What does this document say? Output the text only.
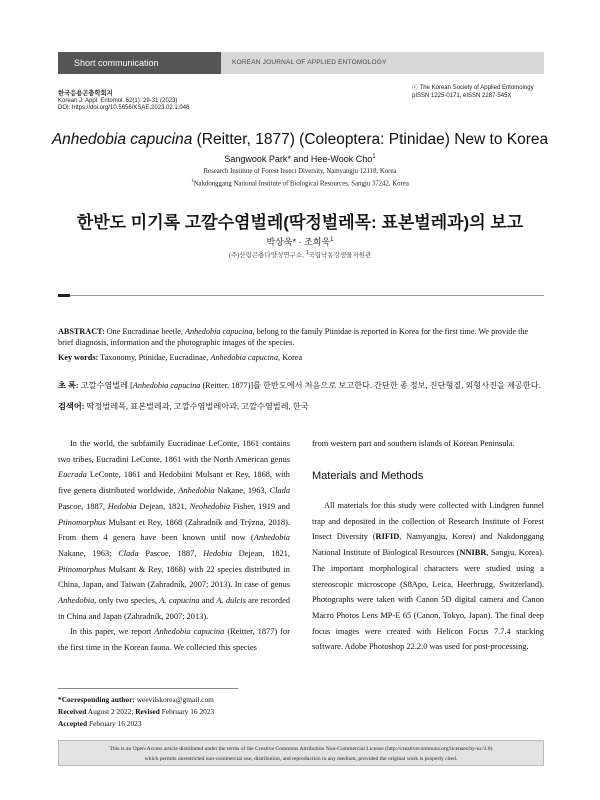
Short communication	KOREAN JOURNAL OF APPLIED ENTOMOLOGY
한국응용곤충학회지
Korean J. Appl. Entomol. 62(1): 29-31 (2023)
DOI: https://doi.org/10.5656/KSAE.2023.02.1.046
ⓒ The Korean Society of Applied Entomology
pISSN 1225-0171, eISSN 2287-545X
Anhedobia capucina (Reitter, 1877) (Coleoptera: Ptinidae) New to Korea
Sangwook Park* and Hee-Wook Cho$^1$
Research Institute of Forest Insect Diversity, Namyangju 12118, Korea
$^1$Nakdonggang National Institute of Biological Resources, Sangju 37242, Korea
한반도 미기록 고깔수염벌레(딱정벌레목: 표본벌레과)의 보고
박상욱* · 조희욱$^1$
(주)산림곤충다양성연구소, $^1$국립낙동강생물자원관
ABSTRACT: One Eucradinae beetle, Anhedobia capucina, belong to the family Ptinidae is reported in Korea for the first time. We provide the brief diagnosis, information and the photographic images of the species.
Key words: Taxonomy, Ptinidae, Eucradinae, Anhedobia capucina, Korea
초 록: 고깔수염벌레 [Anhedobia capucina (Reitter, 1877)]를 한반도에서 처음으로 보고한다. 간단한 종 정보, 진단형질, 외형사진을 제공한다.
검색어: 딱정벌레목, 표본벌레과, 고깔수염벌레아과, 고깔수염벌레, 한국

In the world, the subfamily Eucradinae LeConte, 1861 contains two tribes, Eucradini LeConte, 1861 with the North American genus Eucrada LeConte, 1861 and Hedobiini Mulsant et Rey, 1868, with five genera distributed worldwide, Anhedobia Nakane, 1963, Clada Pascoe, 1887, Hedobia Dejean, 1821, Neohedobia Fisher, 1919 and Ptinomorphus Mulsant et Rey, 1868 (Zahradník and Trýzna, 2018). From them 4 genera have been known until now (Anhedobia Nakane, 1963; Clada Pascoe, 1887, Hedobia Dejean, 1821, Ptinomorphus Mulsant & Rey, 1868) with 22 species distributed in China, Japan, and Taiwan (Zahradník, 2007; 2013). In case of genus Anhedobia, only two species, A. capucina and A. dulcis are recorded in China and Japan (Zahradník, 2007; 2013).

In this paper, we report Anhedobia capucina (Reitter, 1877) for the first time in the Korean fauna. We collected this species

from western part and southern islands of Korean Peninsula.

Materials and Methods

All materials for this study were collected with Lindgren funnel trap and deposited in the collection of Research Institute of Forest Insect Diversity (RIFID, Namyangju, Korea) and Nakdonggang National Institute of Biological Resources (NNIBR, Sangju, Korea). The important morphological characters were studied using a stereoscopic microscope (S8Apo, Leica, Heerbrugg, Switzerland). Photographs were taken with Canon 5D digital camera and Canon Macro Photos Lens MP-E 65 (Canon, Tokyo, Japan). The final deep focus images were created with Helicon Focus 7.7.4 stacking software. Adobe Photoshop 22.2.0 was used for post-processing.

*Corresponding author: weevilskorea@gmail.com
Received August 2 2022; Revised February 16 2023
Accepted February 16 2023
This is an Open-Access article distributed under the terms of the Creative Commons Attribution Non-Commercial License (http://creativecommons.org/licenses/by-nc/3.0)
which permits unrestricted non-commercial use, distribution, and reproduction in any medium, provided the original work is properly cited.
